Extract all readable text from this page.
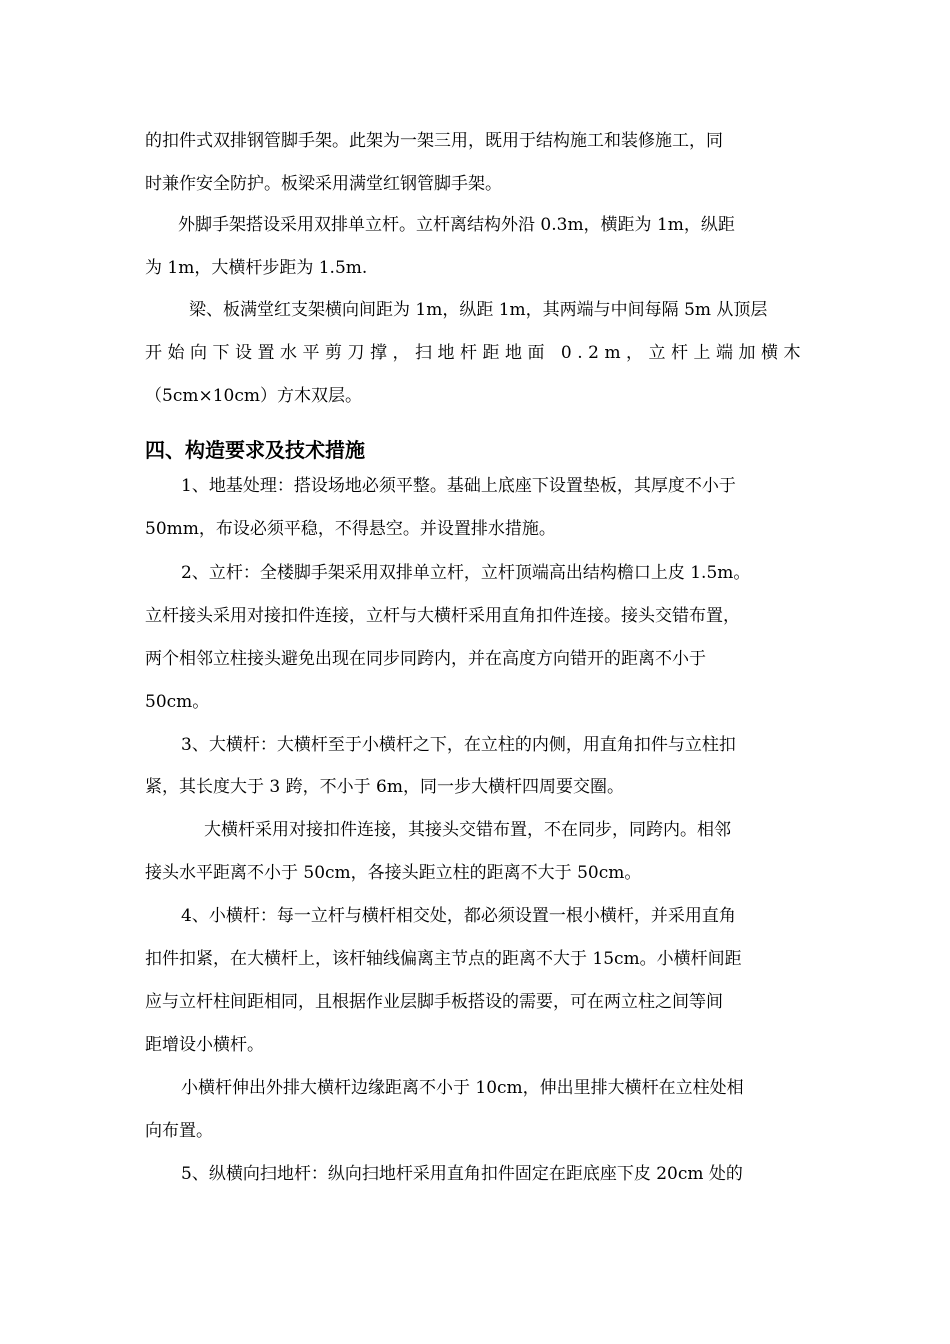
的扣件式双排钢管脚手架。此架为一架三用，既用于结构施工和装修施工，同
时兼作安全防护。板梁采用满堂红钢管脚手架。
外脚手架搭设采用双排单立杆。立杆离结构外沿 0.3m，横距为 1m，纵距
为 1m，大横杆步距为 1.5m.
梁、板满堂红支架横向间距为 1m，纵距 1m，其两端与中间每隔 5m 从顶层
开始向下设置水平剪刀撑，扫地杆距地面 0.2m，立杆上端加横木
（5cm×10cm）方木双层。
四、构造要求及技术措施
1、地基处理：搭设场地必须平整。基础上底座下设置垫板，其厚度不小于
50mm，布设必须平稳，不得悬空。并设置排水措施。
2、立杆：全楼脚手架采用双排单立杆，立杆顶端高出结构檐口上皮 1.5m。
立杆接头采用对接扣件连接，立杆与大横杆采用直角扣件连接。接头交错布置，
两个相邻立柱接头避免出现在同步同跨内，并在高度方向错开的距离不小于
50cm。
3、大横杆：大横杆至于小横杆之下，在立柱的内侧，用直角扣件与立柱扣
紧，其长度大于 3 跨，不小于 6m，同一步大横杆四周要交圈。
大横杆采用对接扣件连接，其接头交错布置，不在同步，同跨内。相邻
接头水平距离不小于 50cm，各接头距立柱的距离不大于 50cm。
4、小横杆：每一立杆与横杆相交处，都必须设置一根小横杆，并采用直角
扣件扣紧，在大横杆上，该杆轴线偏离主节点的距离不大于 15cm。小横杆间距
应与立杆柱间距相同，且根据作业层脚手板搭设的需要，可在两立柱之间等间
距增设小横杆。
小横杆伸出外排大横杆边缘距离不小于 10cm，伸出里排大横杆在立柱处相
向布置。
5、纵横向扫地杆：纵向扫地杆采用直角扣件固定在距底座下皮 20cm 处的
